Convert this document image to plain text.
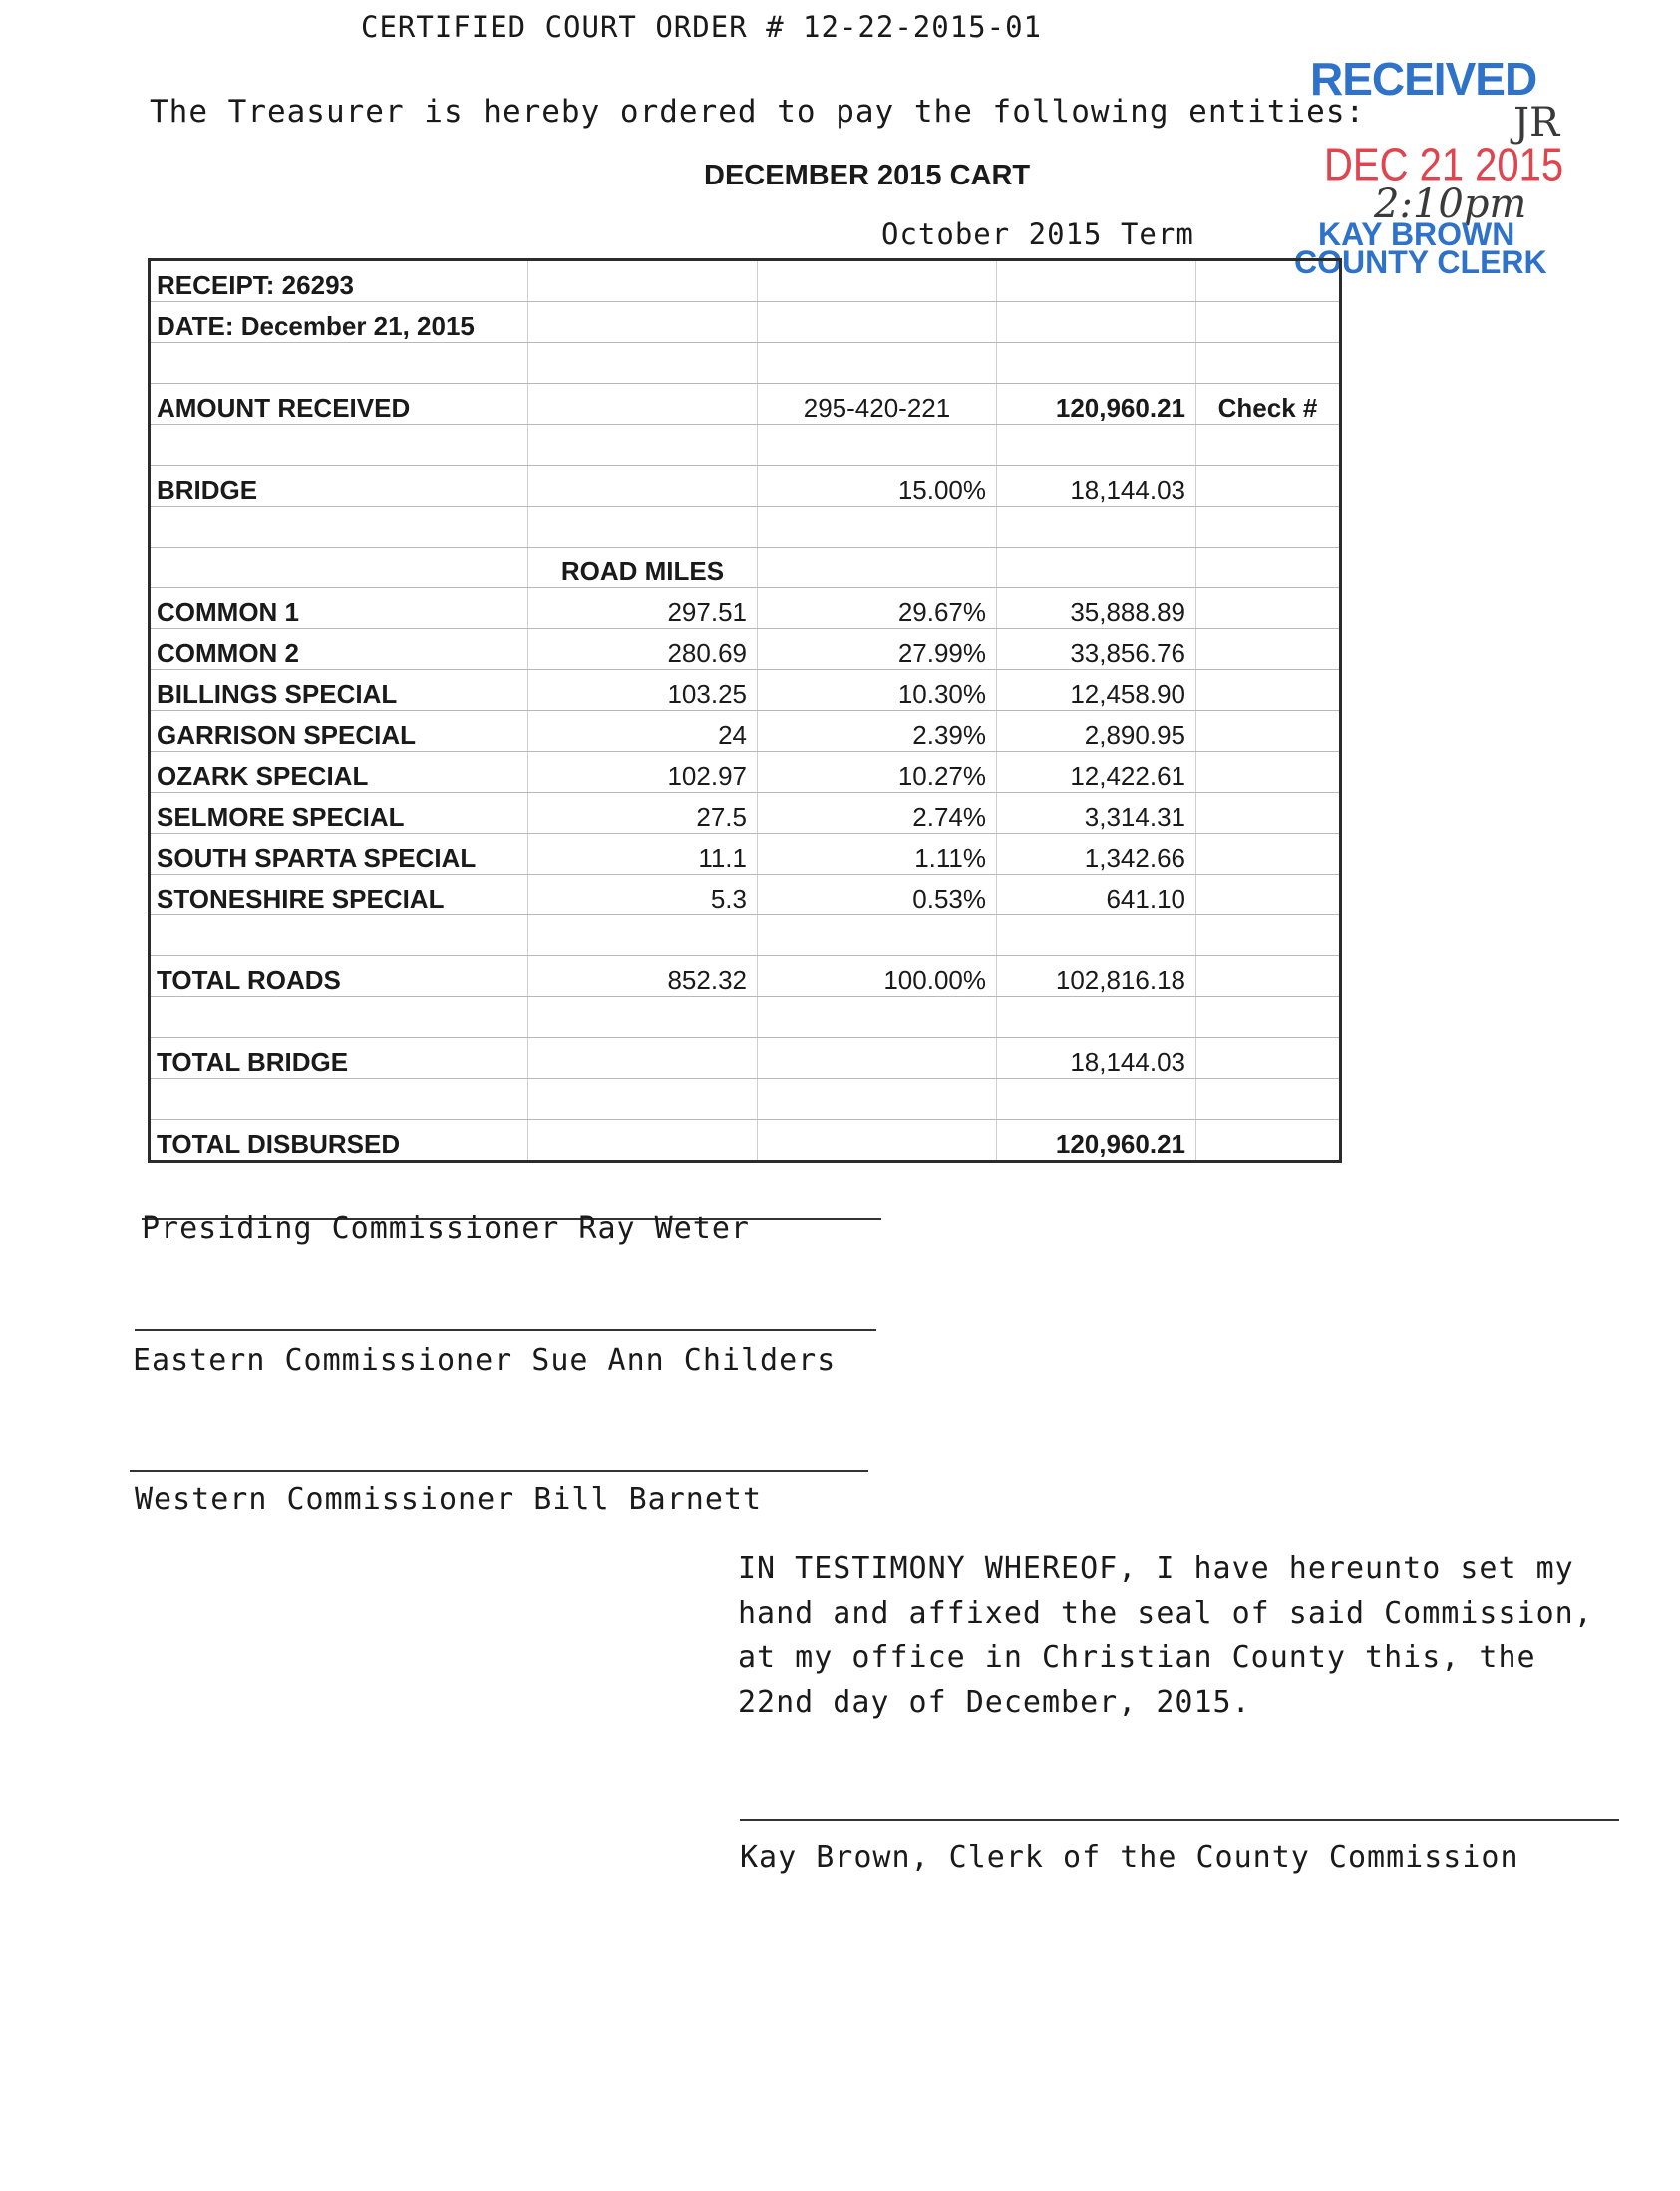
CERTIFIED COURT ORDER # 12-22-2015-01
The Treasurer is hereby ordered to pay the following entities:
DECEMBER 2015 CART
October 2015 Term
RECEIVED
JR
DEC 21 2015
2:10pm
KAY BROWN
COUNTY CLERK
RECEIPT: 26293				
DATE: December 21, 2015				

AMOUNT RECEIVED		295-420-221	120,960.21	Check #

BRIDGE		15.00%	18,144.03	

	ROAD MILES			
COMMON 1	297.51	29.67%	35,888.89	
COMMON 2	280.69	27.99%	33,856.76	
BILLINGS SPECIAL	103.25	10.30%	12,458.90	
GARRISON SPECIAL	24	2.39%	2,890.95	
OZARK SPECIAL	102.97	10.27%	12,422.61	
SELMORE SPECIAL	27.5	2.74%	3,314.31	
SOUTH SPARTA SPECIAL	11.1	1.11%	1,342.66	
STONESHIRE SPECIAL	5.3	0.53%	641.10	

TOTAL ROADS	852.32	100.00%	102,816.18	

TOTAL BRIDGE			18,144.03	

TOTAL DISBURSED			120,960.21	
Presiding Commissioner Ray Weter
Eastern Commissioner Sue Ann Childers
Western Commissioner Bill Barnett
IN TESTIMONY WHEREOF, I have hereunto set my
hand and affixed the seal of said Commission,
at my office in Christian County this, the
22nd day of December, 2015.
Kay Brown, Clerk of the County Commission
